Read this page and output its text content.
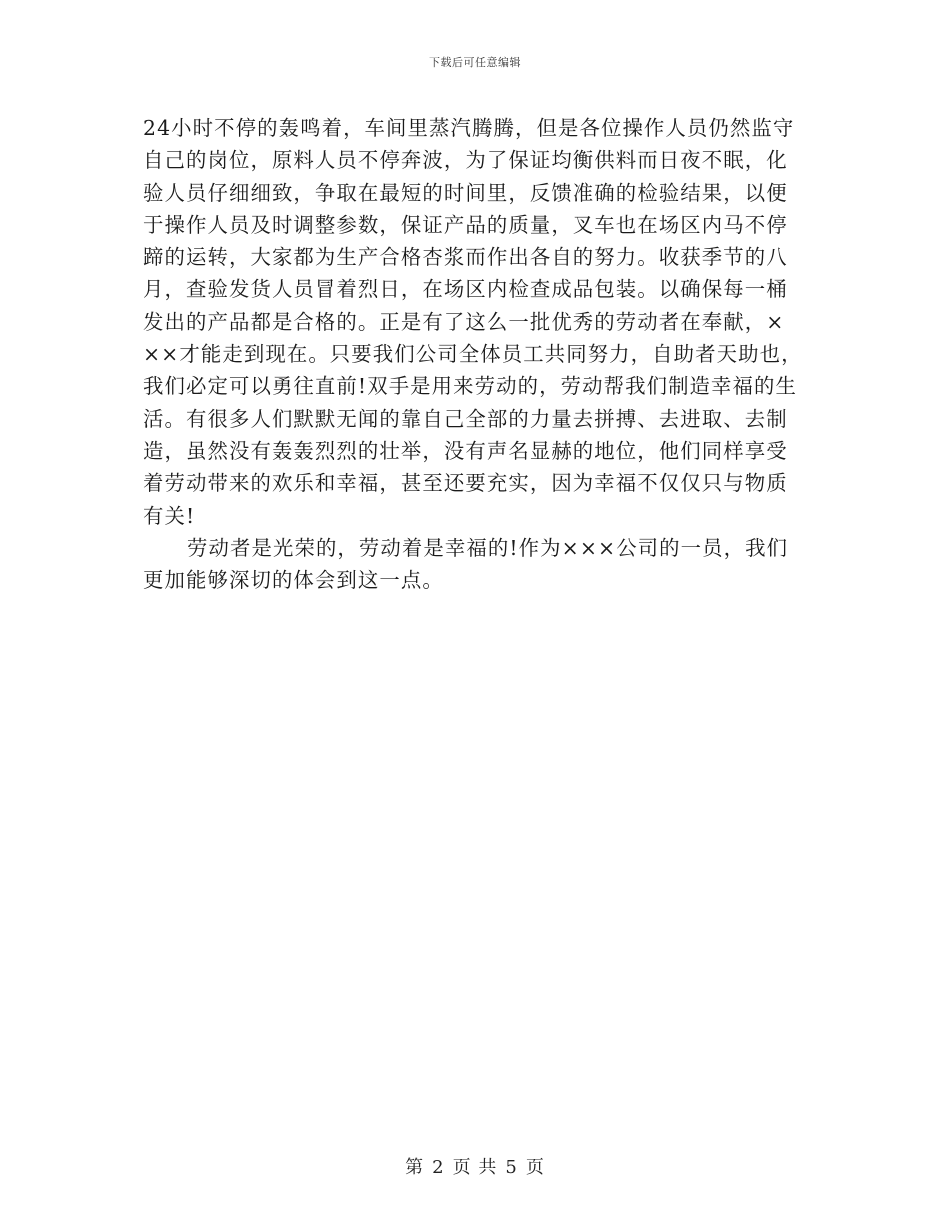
下载后可任意编辑
24小时不停的轰鸣着，车间里蒸汽腾腾，但是各位操作人员仍然监守
自己的岗位，原料人员不停奔波，为了保证均衡供料而日夜不眠，化
验人员仔细细致，争取在最短的时间里，反馈准确的检验结果，以便
于操作人员及时调整参数，保证产品的质量，叉车也在场区内马不停
蹄的运转，大家都为生产合格杏浆而作出各自的努力。收获季节的八
月，查验发货人员冒着烈日，在场区内检查成品包装。以确保每一桶
发出的产品都是合格的。正是有了这么一批优秀的劳动者在奉献，×
××才能走到现在。只要我们公司全体员工共同努力，自助者天助也，
我们必定可以勇往直前!双手是用来劳动的，劳动帮我们制造幸福的生
活。有很多人们默默无闻的靠自己全部的力量去拼搏、去进取、去制
造，虽然没有轰轰烈烈的壮举，没有声名显赫的地位，他们同样享受
着劳动带来的欢乐和幸福，甚至还要充实，因为幸福不仅仅只与物质
有关!
劳动者是光荣的，劳动着是幸福的!作为×××公司的一员，我们
更加能够深切的体会到这一点。
第 2 页 共 5 页
